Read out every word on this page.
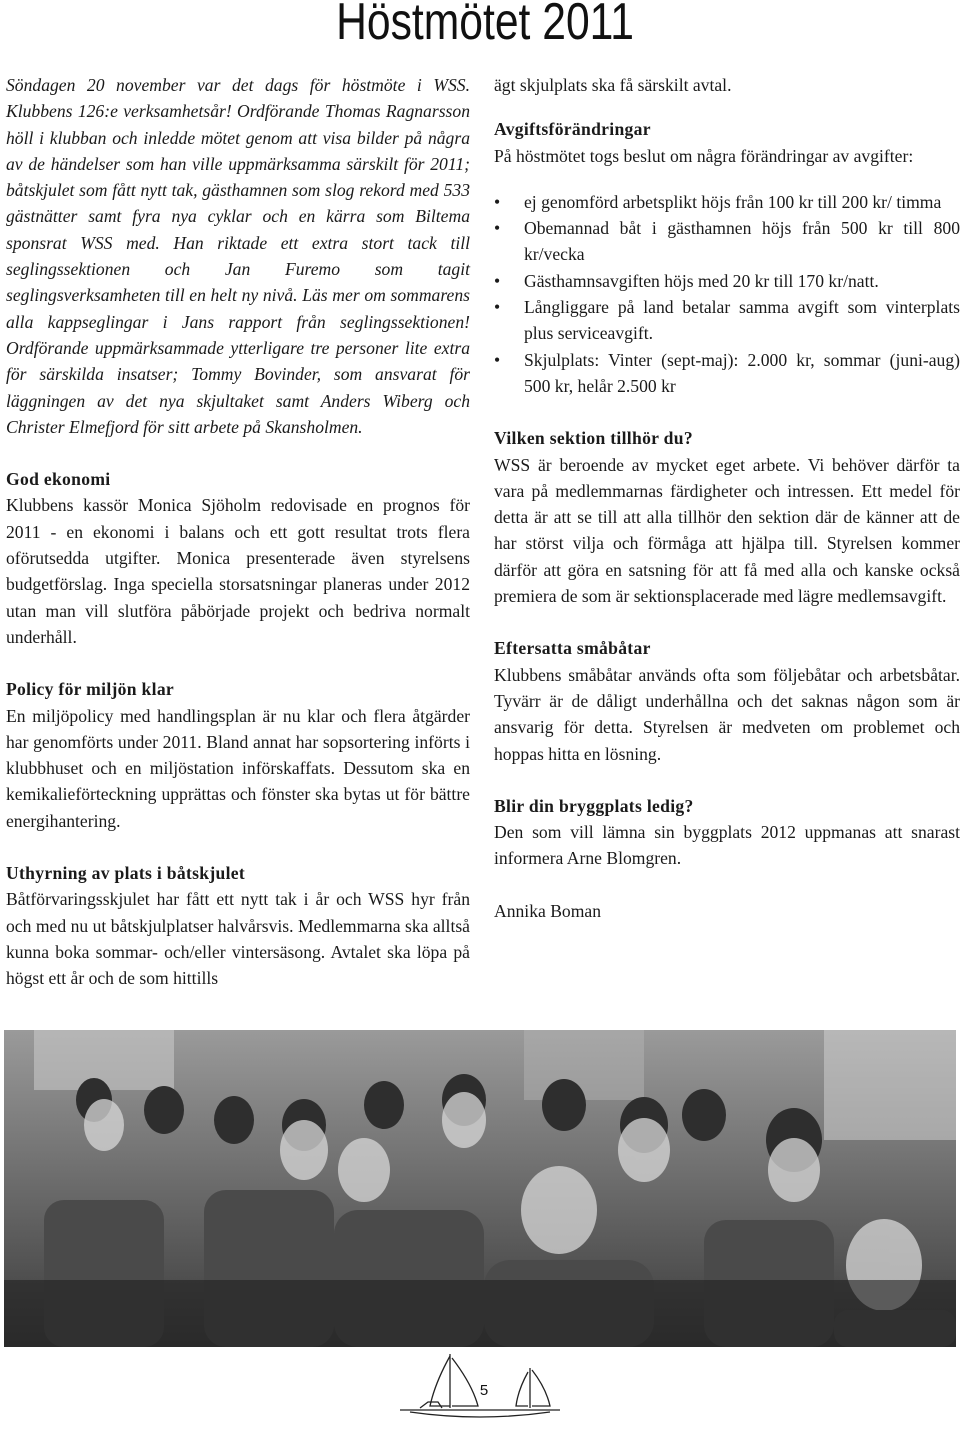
Höstmötet 2011

Söndagen 20 november var det dags för höstmöte i WSS. Klubbens 126:e verksamhetsår! Ordförande Thomas Ragnarsson höll i klubban och inledde mötet genom att visa bilder på några av de händelser som han ville uppmärksamma särskilt för 2011; båtskjulet som fått nytt tak, gästhamnen som slog rekord med 533 gästnätter samt fyra nya cyklar och en kärra som Biltema sponsrat WSS med. Han riktade ett extra stort tack till seglingssektionen och Jan Furemo som tagit seglingsverksamheten till en helt ny nivå. Läs mer om sommarens alla kappseglingar i Jans rapport från seglingssektionen! Ordförande uppmärksammade ytterligare tre personer lite extra för särskilda insatser; Tommy Bovinder, som ansvarat för läggningen av det nya skjultaket samt Anders Wiberg och Christer Elmefjord för sitt arbete på Skansholmen.

God ekonomi

Klubbens kassör Monica Sjöholm redovisade en prognos för 2011 - en ekonomi i balans och ett gott resultat trots flera oförutsedda utgifter. Monica presenterade även styrelsens budgetförslag. Inga speciella storsatsningar planeras under 2012 utan man vill slutföra påbörjade projekt och bedriva normalt underhåll.

Policy för miljön klar

En miljöpolicy med handlingsplan är nu klar och flera åtgärder har genomförts under 2011. Bland annat har sopsortering införts i klubbhuset och en miljöstation införskaffats. Dessutom ska en kemikalieförteckning upprättas och fönster ska bytas ut för bättre energihantering.

Uthyrning av plats i båtskjulet

Båtförvaringsskjulet har fått ett nytt tak i år och WSS hyr från och med nu ut båtskjulplatser halvårsvis. Medlemmarna ska alltså kunna boka sommar- och/eller vintersäsong. Avtalet ska löpa på högst ett år och de som hittills

ägt skjulplats ska få särskilt avtal.

Avgiftsförändringar

På höstmötet togs beslut om några förändringar av avgifter:

• ej genomförd arbetsplikt höjs från 100 kr till 200 kr/ timma
• Obemannad båt i gästhamnen höjs från 500 kr till 800 kr/vecka
• Gästhamnsavgiften höjs med 20 kr till 170 kr/natt.
• Långliggare på land betalar samma avgift som vinterplats plus serviceavgift.
• Skjulplats: Vinter (sept-maj): 2.000 kr, sommar (juni-aug) 500 kr, helår 2.500 kr

Vilken sektion tillhör du?

WSS är beroende av mycket eget arbete. Vi behöver därför ta vara på medlemmarnas färdigheter och intressen. Ett medel för detta är att se till att alla tillhör den sektion där de känner att de har störst vilja och förmåga att hjälpa till. Styrelsen kommer därför att göra en satsning för att få med alla och kanske också premiera de som är sektionsplacerade med lägre medlemsavgift.

Eftersatta småbåtar

Klubbens småbåtar används ofta som följebåtar och arbetsbåtar. Tyvärr är de dåligt underhållna och det saknas någon som är ansvarig för detta. Styrelsen är medveten om problemet och hoppas hitta en lösning.

Blir din bryggplats ledig?

Den som vill lämna sin byggplats 2012 uppmanas att snarast informera Arne Blomgren.

Annika Boman

5
